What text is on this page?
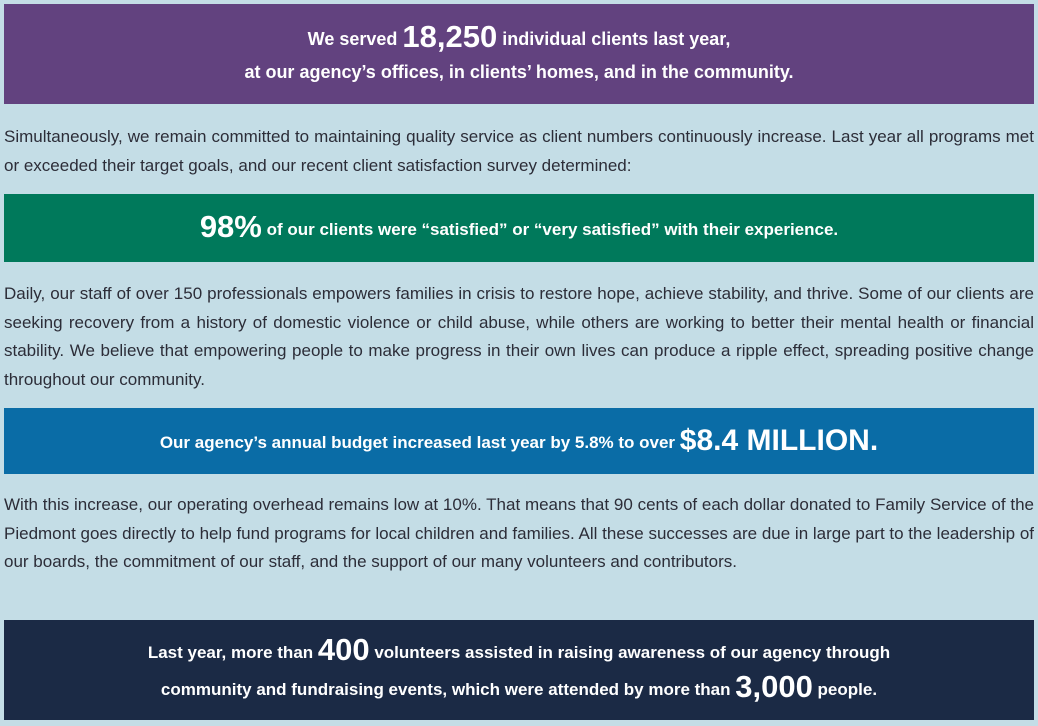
We served 18,250 individual clients last year,
at our agency’s offices, in clients’ homes, and in the community.

Simultaneously, we remain committed to maintaining quality service as client numbers continuously increase. Last year all programs met or exceeded their target goals, and our recent client satisfaction survey determined:

98% of our clients were “satisfied” or “very satisfied” with their experience.

Daily, our staff of over 150 professionals empowers families in crisis to restore hope, achieve stability, and thrive. Some of our clients are seeking recovery from a history of domestic violence or child abuse, while others are working to better their mental health or financial stability. We believe that empowering people to make progress in their own lives can produce a ripple effect, spreading positive change throughout our community.

Our agency’s annual budget increased last year by 5.8% to over $8.4 MILLION.

With this increase, our operating overhead remains low at 10%. That means that 90 cents of each dollar donated to Family Service of the Piedmont goes directly to help fund programs for local children and families. All these successes are due in large part to the leadership of our boards, the commitment of our staff, and the support of our many volunteers and contributors.

Last year, more than 400 volunteers assisted in raising awareness of our agency through
community and fundraising events, which were attended by more than 3,000 people.
